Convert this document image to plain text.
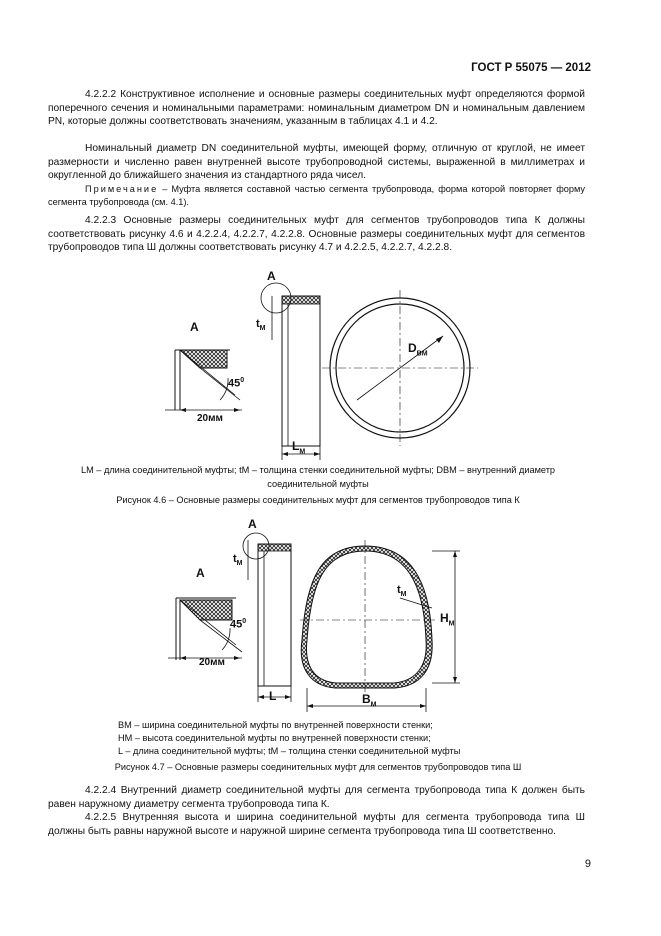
ГОСТ Р 55075 — 2012
4.2.2.2 Конструктивное исполнение и основные размеры соединительных муфт определяются формой поперечного сечения и номинальными параметрами: номинальным диаметром DN и номинальным давлением PN, которые должны соответствовать значениям, указанным в таблицах 4.1 и 4.2.
Номинальный диаметр DN соединительной муфты, имеющей форму, отличную от круглой, не имеет размерности и численно равен внутренней высоте трубопроводной системы, выраженной в миллиметрах и округленной до ближайшего значения из стандартного ряда чисел.
Примечание – Муфта является составной частью сегмента трубопровода, форма которой повторяет форму сегмента трубопровода (см. 4.1).
4.2.2.3 Основные размеры соединительных муфт для сегментов трубопроводов типа К должны соответствовать рисунку 4.6 и 4.2.2.4, 4.2.2.7, 4.2.2.8. Основные размеры соединительных муфт для сегментов трубопроводов типа Ш должны соответствовать рисунку 4.7 и 4.2.2.5, 4.2.2.7, 4.2.2.8.
A
A	$t_M$
$45^0$
20мм
$L_M$
$D_{BM}$
LM – длина соединительной муфты; tM – толщина стенки соединительной муфты; DBM – внутренний диаметр соединительной муфты
Рисунок 4.6 – Основные размеры соединительных муфт для сегментов трубопроводов типа К
A
A
$t_M$
$45^0$
20мм
L
$t_M$
$H_M$
$B_M$
BM – ширина соединительной муфты по внутренней поверхности стенки;
HM – высота соединительной муфты по внутренней поверхности стенки;
L – длина соединительной муфты; tM – толщина стенки соединительной муфты
Рисунок 4.7 – Основные размеры соединительных муфт для сегментов трубопроводов типа Ш
4.2.2.4 Внутренний диаметр соединительной муфты для сегмента трубопровода типа К должен быть равен наружному диаметру сегмента трубопровода типа К.
4.2.2.5 Внутренняя высота и ширина соединительной муфты для сегмента трубопровода типа Ш должны быть равны наружной высоте и наружной ширине сегмента трубопровода типа Ш соответственно.
9
